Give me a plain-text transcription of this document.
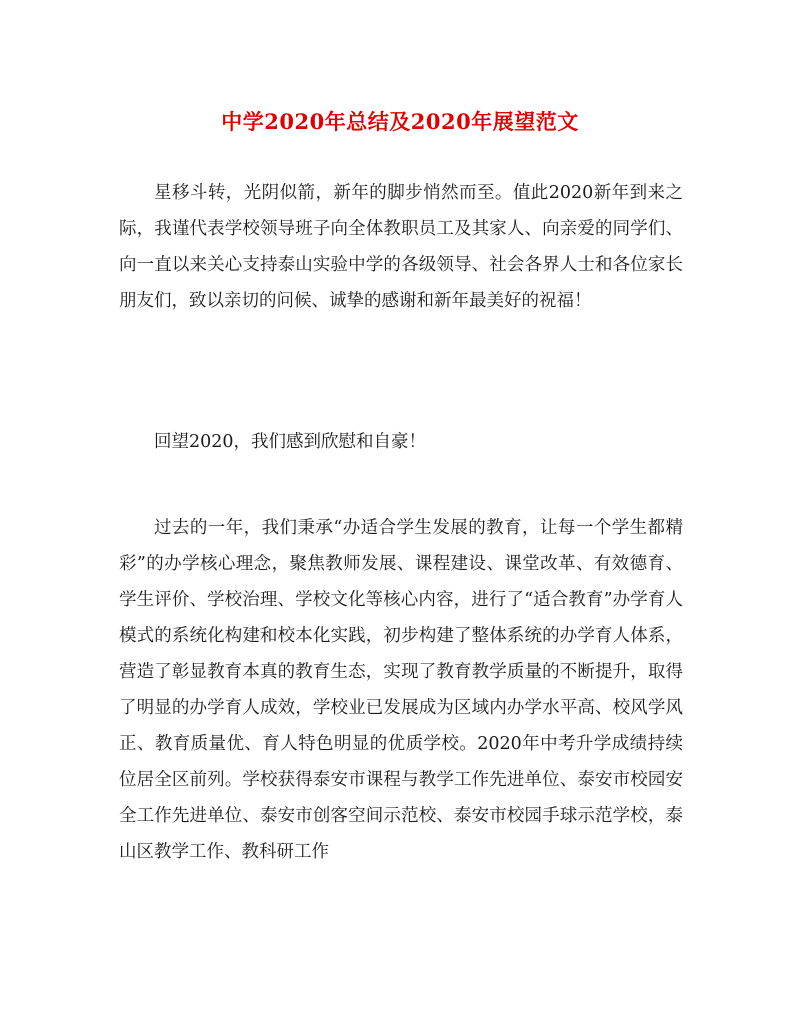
中学2020年总结及2020年展望范文

星移斗转，光阴似箭，新年的脚步悄然而至。值此2020新年到来之际，我谨代表学校领导班子向全体教职员工及其家人、向亲爱的同学们、向一直以来关心支持泰山实验中学的各级领导、社会各界人士和各位家长朋友们，致以亲切的问候、诚挚的感谢和新年最美好的祝福！

回望2020，我们感到欣慰和自豪！

过去的一年，我们秉承“办适合学生发展的教育，让每一个学生都精彩”的办学核心理念，聚焦教师发展、课程建设、课堂改革、有效德育、学生评价、学校治理、学校文化等核心内容，进行了“适合教育”办学育人模式的系统化构建和校本化实践，初步构建了整体系统的办学育人体系，营造了彰显教育本真的教育生态，实现了教育教学质量的不断提升，取得了明显的办学育人成效，学校业已发展成为区域内办学水平高、校风学风正、教育质量优、育人特色明显的优质学校。2020年中考升学成绩持续位居全区前列。学校获得泰安市课程与教学工作先进单位、泰安市校园安全工作先进单位、泰安市创客空间示范校、泰安市校园手球示范学校，泰山区教学工作、教科研工作
